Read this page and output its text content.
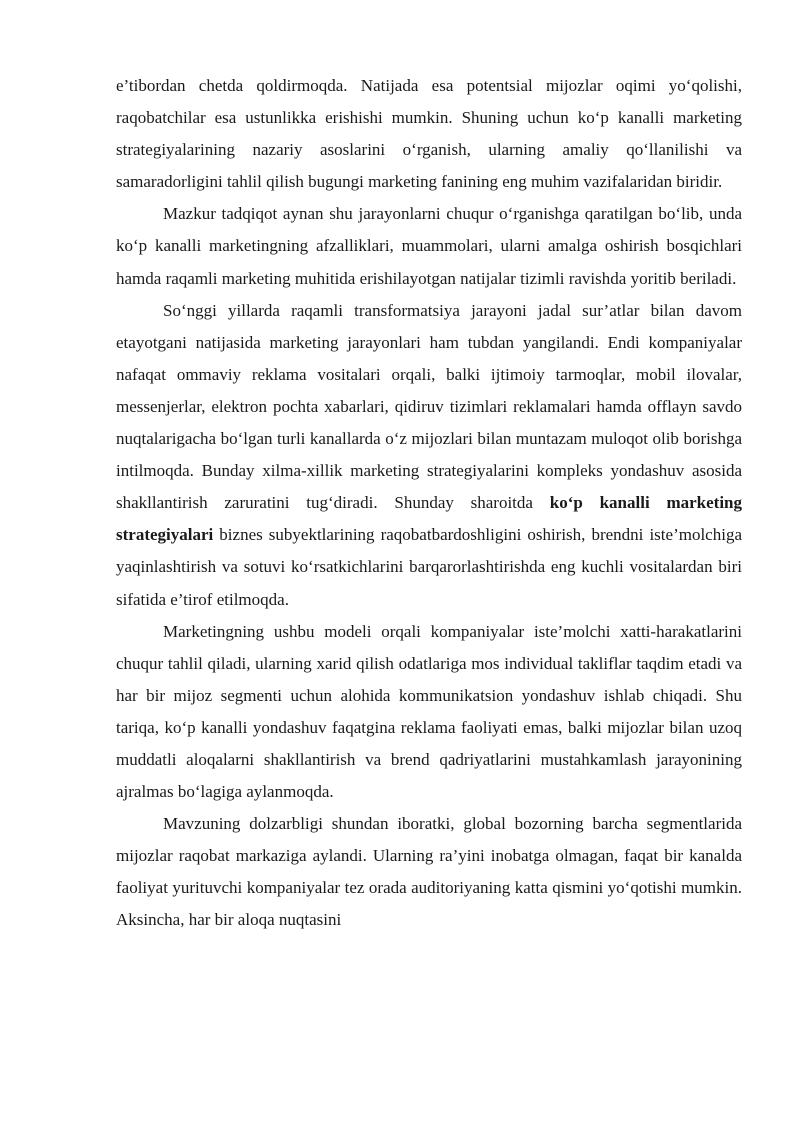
e’tibordan chetda qoldirmoqda. Natijada esa potentsial mijozlar oqimi yo‘qolishi, raqobatchilar esa ustunlikka erishishi mumkin. Shuning uchun ko‘p kanalli marketing strategiyalarining nazariy asoslarini o‘rganish, ularning amaliy qo‘llanilishi va samaradorligini tahlil qilish bugungi marketing fanining eng muhim vazifalaridan biridir.

Mazkur tadqiqot aynan shu jarayonlarni chuqur o‘rganishga qaratilgan bo‘lib, unda ko‘p kanalli marketingning afzalliklari, muammolari, ularni amalga oshirish bosqichlari hamda raqamli marketing muhitida erishilayotgan natijalar tizimli ravishda yoritib beriladi.

So‘nggi yillarda raqamli transformatsiya jarayoni jadal sur’atlar bilan davom etayotgani natijasida marketing jarayonlari ham tubdan yangilandi. Endi kompaniyalar nafaqat ommaviy reklama vositalari orqali, balki ijtimoiy tarmoqlar, mobil ilovalar, messenjerlar, elektron pochta xabarlari, qidiruv tizimlari reklamalari hamda offlayn savdo nuqtalarigacha bo‘lgan turli kanallarda o‘z mijozlari bilan muntazam muloqot olib borishga intilmoqda. Bunday xilma-xillik marketing strategiyalarini kompleks yondashuv asosida shakllantirish zaruratini tug‘diradi. Shunday sharoitda ko‘p kanalli marketing strategiyalari biznes subyektlarining raqobatbardoshligini oshirish, brendni iste’molchiga yaqinlashtirish va sotuvi ko‘rsatkichlarini barqarorlashtirishda eng kuchli vositalardan biri sifatida e’tirof etilmoqda.

Marketingning ushbu modeli orqali kompaniyalar iste’molchi xatti-harakatlarini chuqur tahlil qiladi, ularning xarid qilish odatlariga mos individual takliflar taqdim etadi va har bir mijoz segmenti uchun alohida kommunikatsion yondashuv ishlab chiqadi. Shu tariqa, ko‘p kanalli yondashuv faqatgina reklama faoliyati emas, balki mijozlar bilan uzoq muddatli aloqalarni shakllantirish va brend qadriyatlarini mustahkamlash jarayonining ajralmas bo‘lagiga aylanmoqda.

Mavzuning dolzarbligi shundan iboratki, global bozorning barcha segmentlarida mijozlar raqobat markaziga aylandi. Ularning ra’yini inobatga olmagan, faqat bir kanalda faoliyat yurituvchi kompaniyalar tez orada auditoriyaning katta qismini yo‘qotishi mumkin. Aksincha, har bir aloqa nuqtasini
